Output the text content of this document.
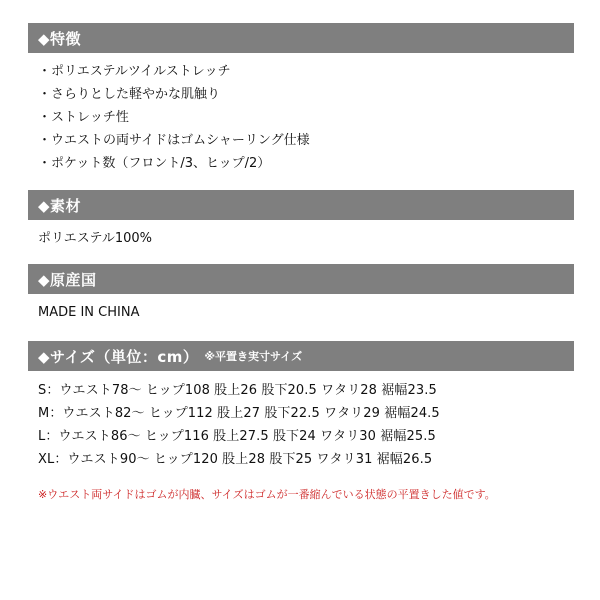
◆特徴
・ポリエステルツイルストレッチ
・さらりとした軽やかな肌触り
・ストレッチ性
・ウエストの両サイドはゴムシャーリング仕様
・ポケット数（フロント/3、ヒップ/2）
◆素材
ポリエステル100%
◆原産国
MADE IN CHINA
◆サイズ（単位：cm） ※平置き実寸サイズ
S：ウエスト78～ ヒップ108 股上26 股下20.5 ワタリ28 裾幅23.5
M：ウエスト82～ ヒップ112 股上27 股下22.5 ワタリ29 裾幅24.5
L：ウエスト86～ ヒップ116 股上27.5 股下24 ワタリ30 裾幅25.5
XL：ウエスト90～ ヒップ120 股上28 股下25 ワタリ31 裾幅26.5
※ウエスト両サイドはゴムが内臓、サイズはゴムが一番縮んでいる状態の平置きした値です。
